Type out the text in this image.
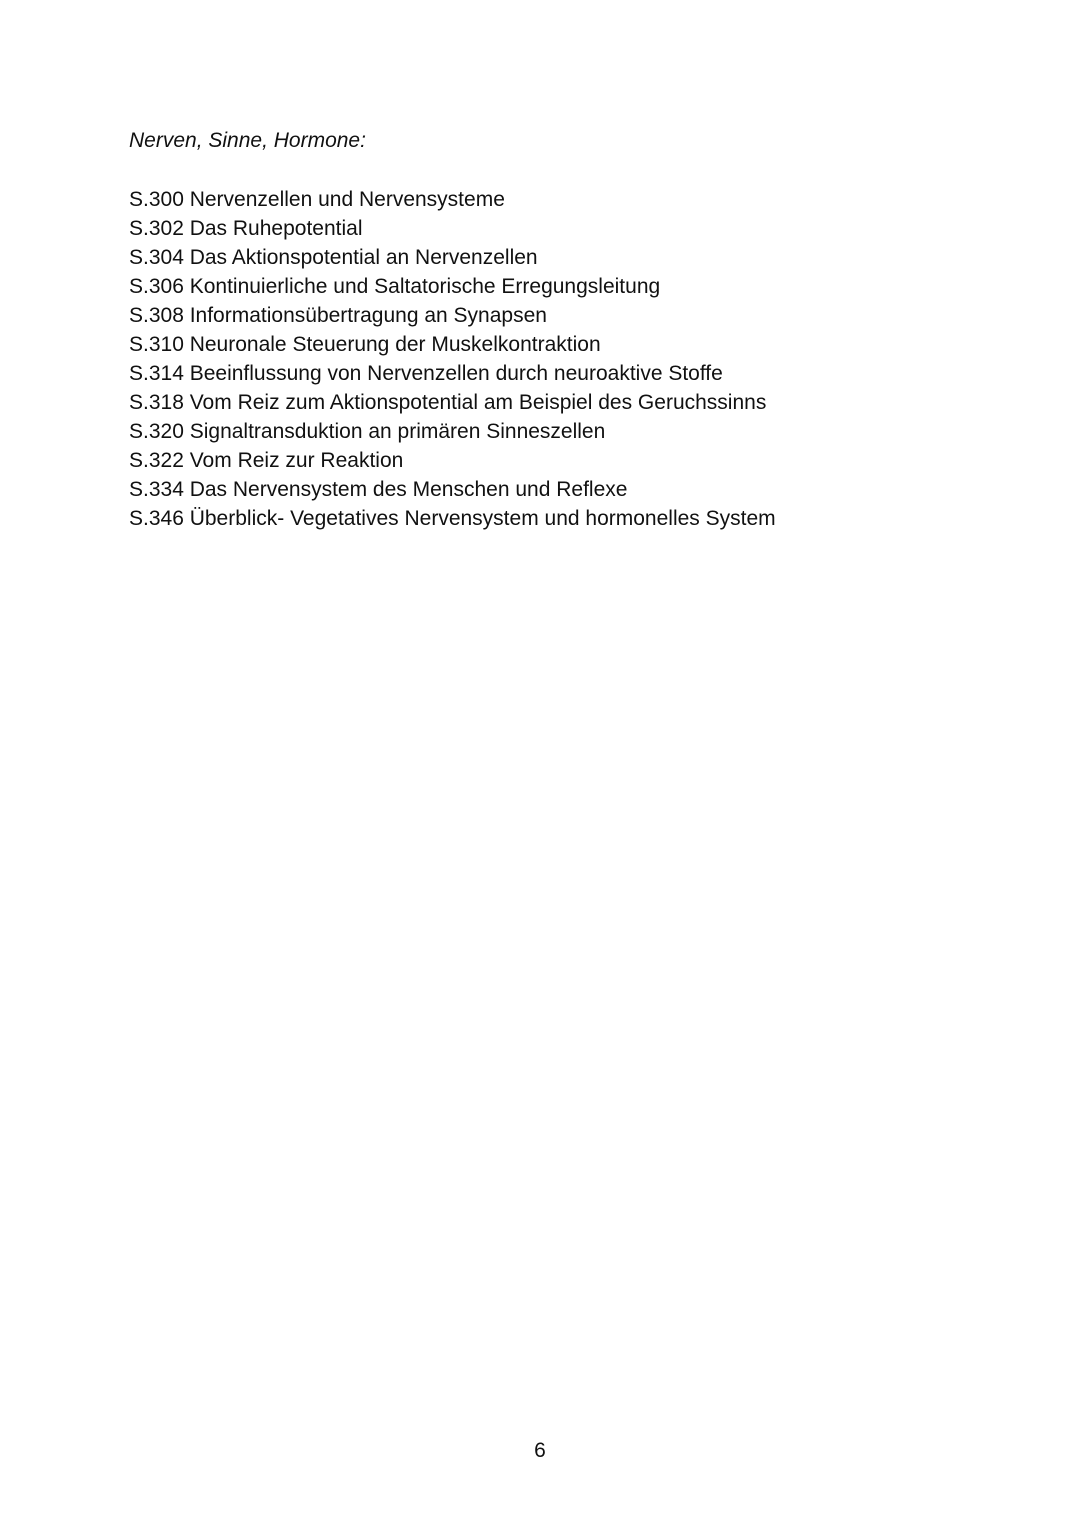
Nerven, Sinne, Hormone:
S.300 Nervenzellen und Nervensysteme
S.302 Das Ruhepotential
S.304 Das Aktionspotential an Nervenzellen
S.306 Kontinuierliche und Saltatorische Erregungsleitung
S.308 Informationsübertragung an Synapsen
S.310 Neuronale Steuerung der Muskelkontraktion
S.314 Beeinflussung von Nervenzellen durch neuroaktive Stoffe
S.318 Vom Reiz zum Aktionspotential am Beispiel des Geruchssinns
S.320 Signaltransduktion an primären Sinneszellen
S.322 Vom Reiz zur Reaktion
S.334 Das Nervensystem des Menschen und Reflexe
S.346 Überblick- Vegetatives Nervensystem und hormonelles System
6
